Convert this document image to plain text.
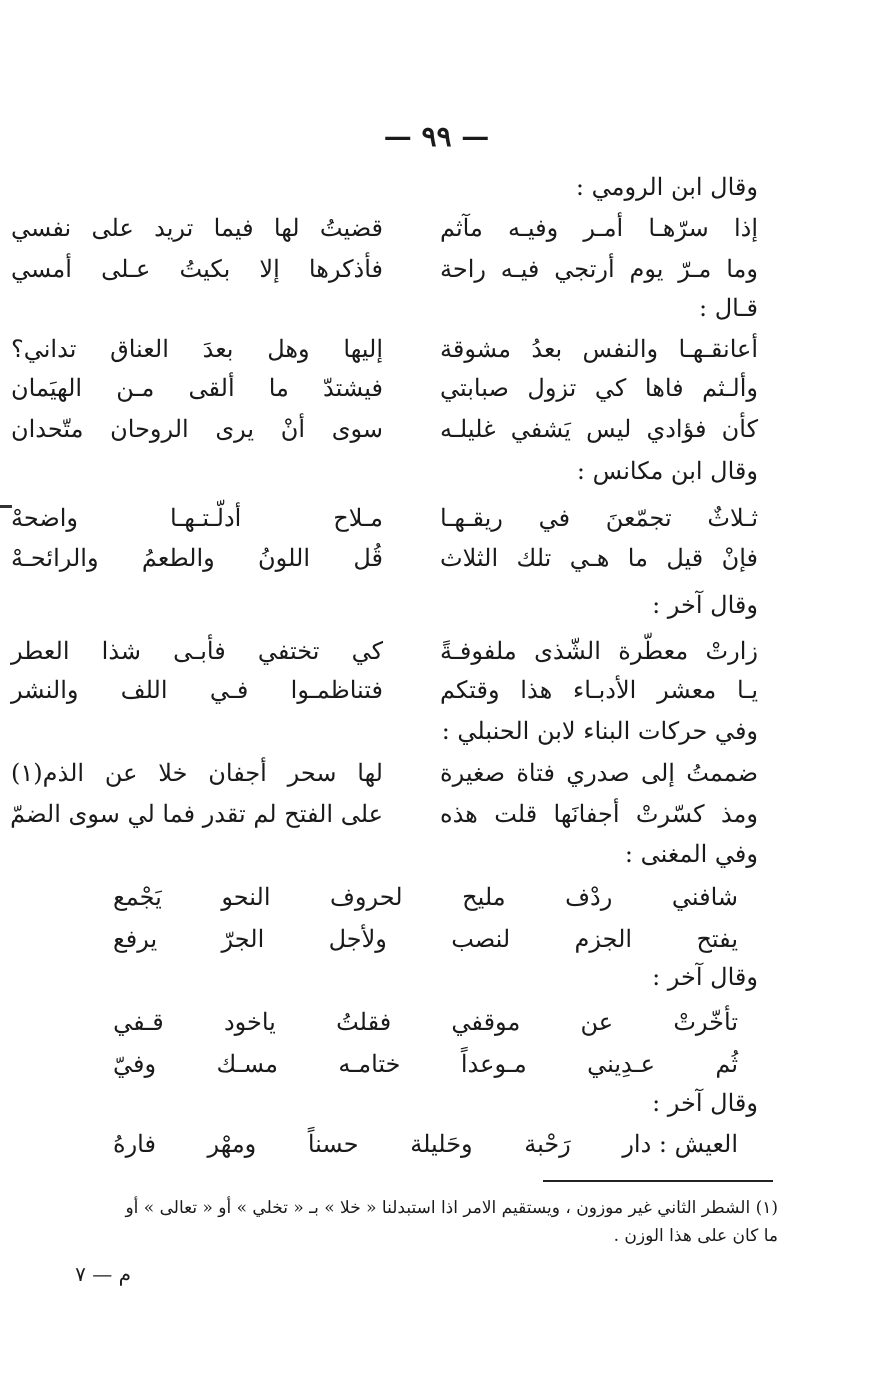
— ٩٩ —
وقال ابن الرومي :
إذا سرّهـا أمـر وفيـه مآثم
قضيتُ لها فيما تريد على نفسي
وما مـرّ يوم أرتجي فيـه راحة
فأذكرها إلا بكيتُ عـلى أمسي
قـال :
أعانقـهـا والنفس بعدُ مشوقة
إليها وهل بعدَ العناق تداني؟
وألـثم فاها كي تزول صبابتي
فيشتدّ ما ألقى مـن الهيَمان
كأن فؤادي ليس يَشفي غليلـه
سوى أنْ يرى الروحان متّحدان
وقال ابن مكانس :
ثـلاثٌ تجمّعنَ في ريقـهـا
مـلاح أدلّـتـهـا واضحهْ
فإنْ قيل ما هـي تلك الثلاث
قُل اللونُ والطعمُ والرائحـهْ
وقال آخر :
زارتْ معطّرة الشّذى ملفوفـةً
كي تختفي فأبـى شذا العطر
يـا معشر الأدبـاء هذا وقتكم
فتناظمـوا فـي اللف والنشر
وفي حركات البناء لابن الحنبلي :
ضممتُ إلى صدري فتاة صغيرة
لها سحر أجفان خلا عن الذم(١)
ومذ كسّرتْ أجفانَها قلت هذه
على الفتح لم تقدر فما لي سوى الضمّ
وفي المغنى :
شافني
ردْف
مليح
لحروف
النحو
يَجْمع
يفتح
الجزم
لنصب
ولأجل
الجرّ
يرفع
وقال آخر :
تأخّرتْ
عن
موقفي
فقلتُ
ياخود
قـفي
ثُم
عـدِيني
مـوعداً
ختامـه
مسـك
وفيّ
وقال آخر :
العيش : دار
رَحْبة
وحَليلة
حسناً
ومهْر
فارهُ
(١) الشطر الثاني غير موزون ، ويستقيم الامر اذا استبدلنا « خلا » بـ « تخلي » أو « تعالى » أو
ما كان على هذا الوزن .
م — ٧
